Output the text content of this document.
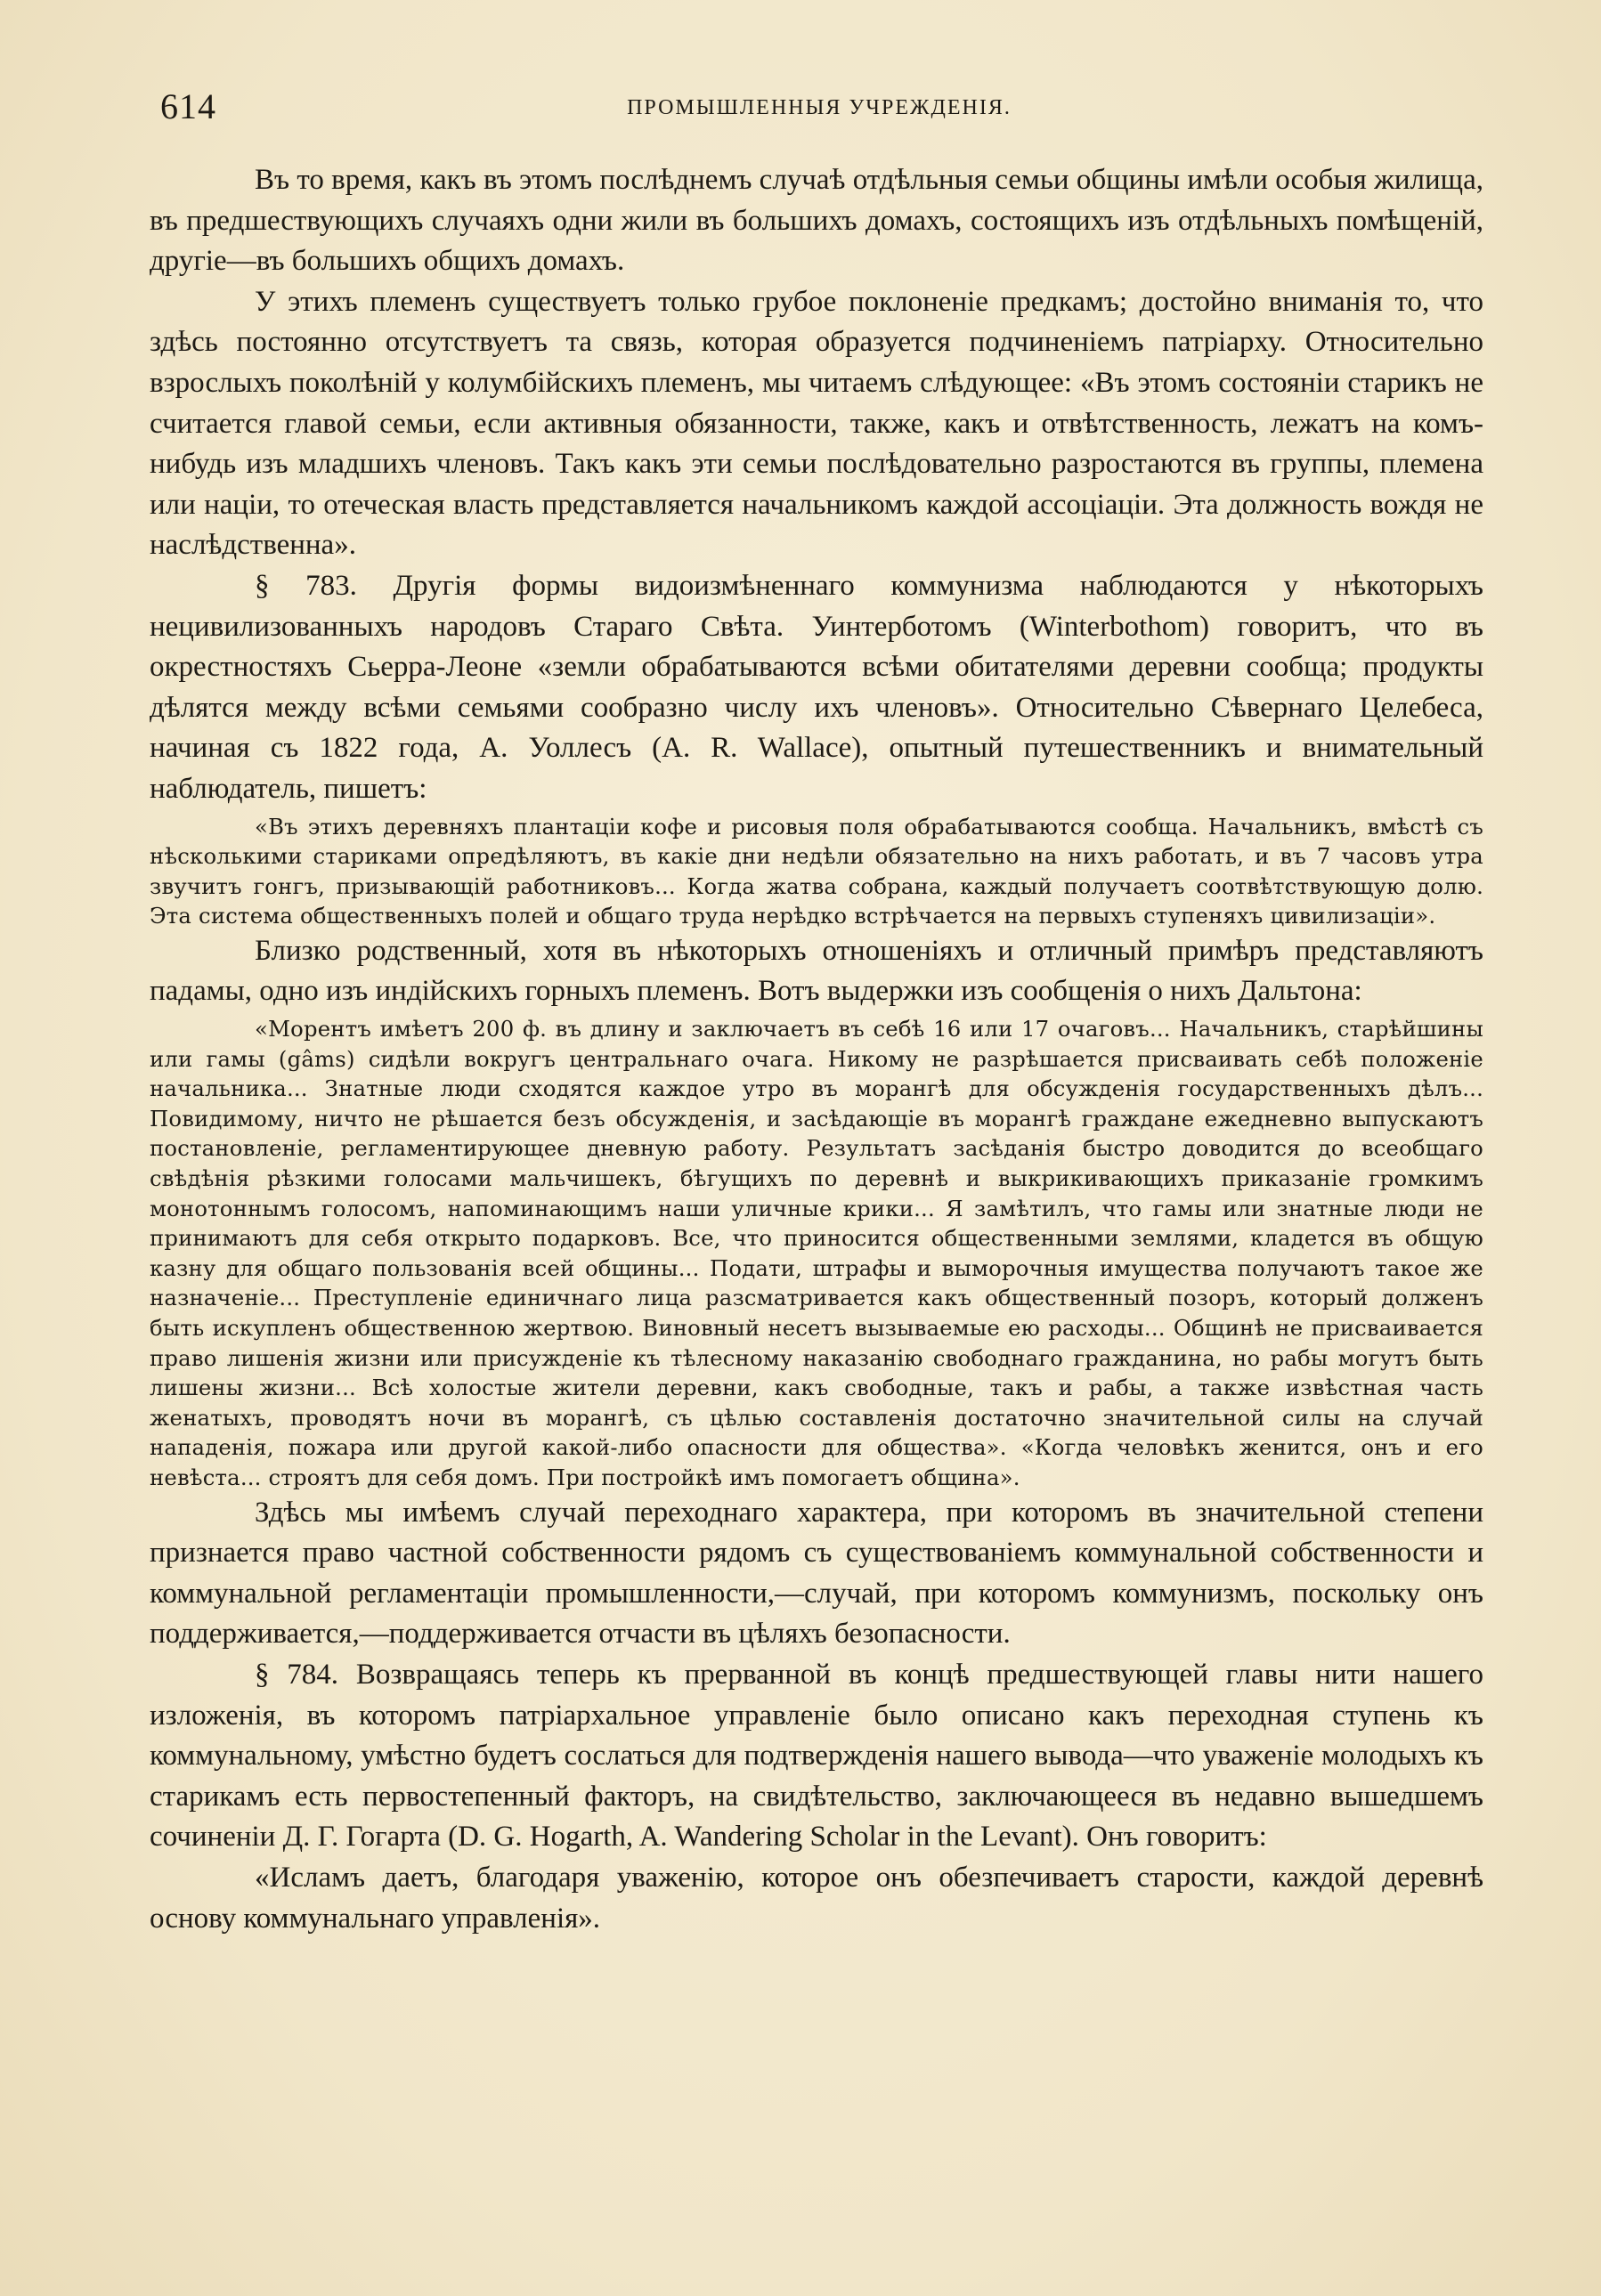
614	ПРОМЫШЛЕННЫЯ УЧРЕЖДЕНІЯ.

Въ то время, какъ въ этомъ послѣднемъ случаѣ отдѣльныя семьи общины имѣли особыя жилища, въ предшествующихъ случаяхъ одни жили въ большихъ домахъ, состоящихъ изъ отдѣльныхъ помѣщеній, другіе—въ большихъ общихъ домахъ.

У этихъ племенъ существуетъ только грубое поклоненіе предкамъ; достойно вниманія то, что здѣсь постоянно отсутствуетъ та связь, которая образуется подчиненіемъ патріарху. Относительно взрослыхъ поколѣній у колумбійскихъ племенъ, мы читаемъ слѣдующее: «Въ этомъ состояніи старикъ не считается главой семьи, если активныя обязанности, также, какъ и отвѣтственность, лежатъ на комъ-нибудь изъ младшихъ членовъ. Такъ какъ эти семьи послѣдовательно разростаются въ группы, племена или націи, то отеческая власть представляется начальникомъ каждой ассоціаціи. Эта должность вождя не наслѣдственна».

§ 783. Другія формы видоизмѣненнаго коммунизма наблюдаются у нѣкоторыхъ нецивилизованныхъ народовъ Стараго Свѣта. Уинтерботомъ (Winterbothom) говоритъ, что въ окрестностяхъ Сьерра-Леоне «земли обрабатываются всѣми обитателями деревни сообща; продукты дѣлятся между всѣми семьями сообразно числу ихъ членовъ». Относительно Сѣвернаго Целебеса, начиная съ 1822 года, А. Уоллесъ (A. R. Wallace), опытный путешественникъ и внимательный наблюдатель, пишетъ:

«Въ этихъ деревняхъ плантаціи кофе и рисовыя поля обрабатываются сообща. Начальникъ, вмѣстѣ съ нѣсколькими стариками опредѣляютъ, въ какіе дни недѣли обязательно на нихъ работать, и въ 7 часовъ утра звучитъ гонгъ, призывающій работниковъ... Когда жатва собрана, каждый получаетъ соотвѣтствующую долю. Эта система общественныхъ полей и общаго труда нерѣдко встрѣчается на первыхъ ступеняхъ цивилизаціи».

Близко родственный, хотя въ нѣкоторыхъ отношеніяхъ и отличный примѣръ представляютъ падамы, одно изъ индійскихъ горныхъ племенъ. Вотъ выдержки изъ сообщенія о нихъ Дальтона:

«Морентъ имѣетъ 200 ф. въ длину и заключаетъ въ себѣ 16 или 17 очаговъ... Начальникъ, старѣйшины или гамы (gâms) сидѣли вокругъ центральнаго очага. Никому не разрѣшается присваивать себѣ положеніе начальника... Знатные люди сходятся каждое утро въ морангѣ для обсужденія государственныхъ дѣлъ... Повидимому, ничто не рѣшается безъ обсужденія, и засѣдающіе въ морангѣ граждане ежедневно выпускаютъ постановленіе, регламентирующее дневную работу. Результатъ засѣданія быстро доводится до всеобщаго свѣдѣнія рѣзкими голосами мальчишекъ, бѣгущихъ по деревнѣ и выкрикивающихъ приказаніе громкимъ монотоннымъ голосомъ, напоминающимъ наши уличные крики... Я замѣтилъ, что гамы или знатные люди не принимаютъ для себя открыто подарковъ. Все, что приносится общественными землями, кладется въ общую казну для общаго пользованія всей общины... Подати, штрафы и выморочныя имущества получаютъ такое же назначеніе... Преступленіе единичнаго лица разсматривается какъ общественный позоръ, который долженъ быть искупленъ общественною жертвою. Виновный несетъ вызываемые ею расходы... Общинѣ не присваивается право лишенія жизни или присужденіе къ тѣлесному наказанію свободнаго гражданина, но рабы могутъ быть лишены жизни... Всѣ холостые жители деревни, какъ свободные, такъ и рабы, а также извѣстная часть женатыхъ, проводятъ ночи въ морангѣ, съ цѣлью составленія достаточно значительной силы на случай нападенія, пожара или другой какой-либо опасности для общества». «Когда человѣкъ женится, онъ и его невѣста... строятъ для себя домъ. При постройкѣ имъ помогаетъ община».

Здѣсь мы имѣемъ случай переходнаго характера, при которомъ въ значительной степени признается право частной собственности рядомъ съ существованіемъ коммунальной собственности и коммунальной регламентаціи промышленности,—случай, при которомъ коммунизмъ, поскольку онъ поддерживается,—поддерживается отчасти въ цѣляхъ безопасности.

§ 784. Возвращаясь теперь къ прерванной въ концѣ предшествующей главы нити нашего изложенія, въ которомъ патріархальное управленіе было описано какъ переходная ступень къ коммунальному, умѣстно будетъ сослаться для подтвержденія нашего вывода—что уваженіе молодыхъ къ старикамъ есть первостепенный факторъ, на свидѣтельство, заключающееся въ недавно вышедшемъ сочиненіи Д. Г. Гогарта (D. G. Hogarth, A. Wandering Scholar in the Levant). Онъ говоритъ:

«Исламъ даетъ, благодаря уваженію, которое онъ обезпечиваетъ старости, каждой деревнѣ основу коммунальнаго управленія».
